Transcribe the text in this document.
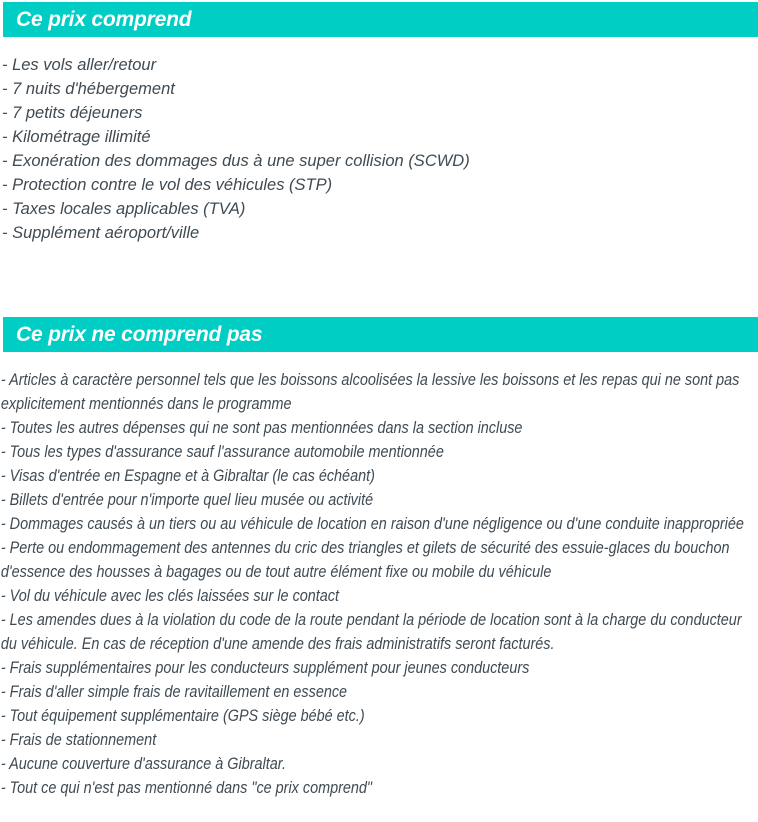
Ce prix comprend
- Les vols aller/retour
- 7 nuits d'hébergement
- 7 petits déjeuners
- Kilométrage illimité
- Exonération des dommages dus à une super collision (SCWD)
- Protection contre le vol des véhicules (STP)
- Taxes locales applicables (TVA)
- Supplément aéroport/ville
Ce prix ne comprend pas
- Articles à caractère personnel tels que les boissons alcoolisées la lessive les boissons et les repas qui ne sont pas explicitement mentionnés dans le programme
- Toutes les autres dépenses qui ne sont pas mentionnées dans la section incluse
- Tous les types d'assurance sauf l'assurance automobile mentionnée
- Visas d'entrée en Espagne et à Gibraltar (le cas échéant)
- Billets d'entrée pour n'importe quel lieu musée ou activité
- Dommages causés à un tiers ou au véhicule de location en raison d'une négligence ou d'une conduite inappropriée
- Perte ou endommagement des antennes du cric des triangles et gilets de sécurité des essuie-glaces du bouchon d'essence des housses à bagages ou de tout autre élément fixe ou mobile du véhicule
- Vol du véhicule avec les clés laissées sur le contact
- Les amendes dues à la violation du code de la route pendant la période de location sont à la charge du conducteur du véhicule. En cas de réception d'une amende des frais administratifs seront facturés.
- Frais supplémentaires pour les conducteurs supplément pour jeunes conducteurs
- Frais d'aller simple frais de ravitaillement en essence
- Tout équipement supplémentaire (GPS siège bébé etc.)
- Frais de stationnement
- Aucune couverture d'assurance à Gibraltar.
- Tout ce qui n'est pas mentionné dans "ce prix comprend"
